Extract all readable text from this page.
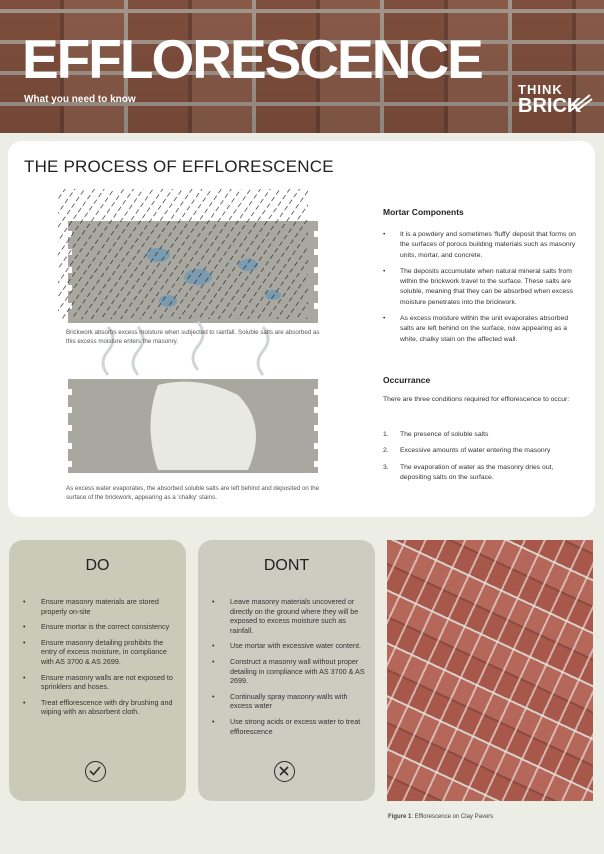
EFFLORESCENCE
What you need to know
THINK
BRICK
THE PROCESS OF EFFLORESCENCE
Brickwork absorbs excess moisture when subjected to rainfall. Soluble salts are absorbed as this excess moisture enters the masonry.
As excess water evaporates, the absorbed soluble salts are left behind and deposited on the surface of the brickwork, appearing as a 'chalky' stains.
Mortar Components
• It is a powdery and sometimes 'fluffy' deposit that forms on the surfaces of porous building materials such as masonry units, mortar, and concrete.
• The deposits accumulate when natural mineral salts from within the brickwork travel to the surface. These salts are soluble, meaning that they can be absorbed when excess moisture penetrates into the brickwork.
• As excess moisture within the unit evaporates absorbed salts are left behind on the surface, now appearing as a white, chalky stain on the affected wall.
Occurrance
There are three conditions required for efflorescence to occur:
1. The presence of soluble salts
2. Excessive amounts of water entering the masonry
3. The evaporation of water as the masonry dries out, depositing salts on the surface.
DO
• Ensure masonry materials are stored properly on-site
• Ensure mortar is the correct consistency
• Ensure masonry detailing prohibits the entry of excess moisture, in compliance with AS 3700 & AS 2699.
• Ensure masonry walls are not exposed to sprinklers and hoses.
• Treat efflorescence with dry brushing and wiping with an absorbent cloth.
DONT
• Leave masonry materials uncovered or directly on the ground where they will be exposed to excess moisture such as rainfall.
• Use mortar with excessive water content.
• Construct a masonry wall without proper detailing in compliance with AS 3700 & AS 2699.
• Continually spray masonry walls with excess water
• Use strong acids or excess water to treat efflorescence
Figure 1: Efflorescence on Clay Pavers
